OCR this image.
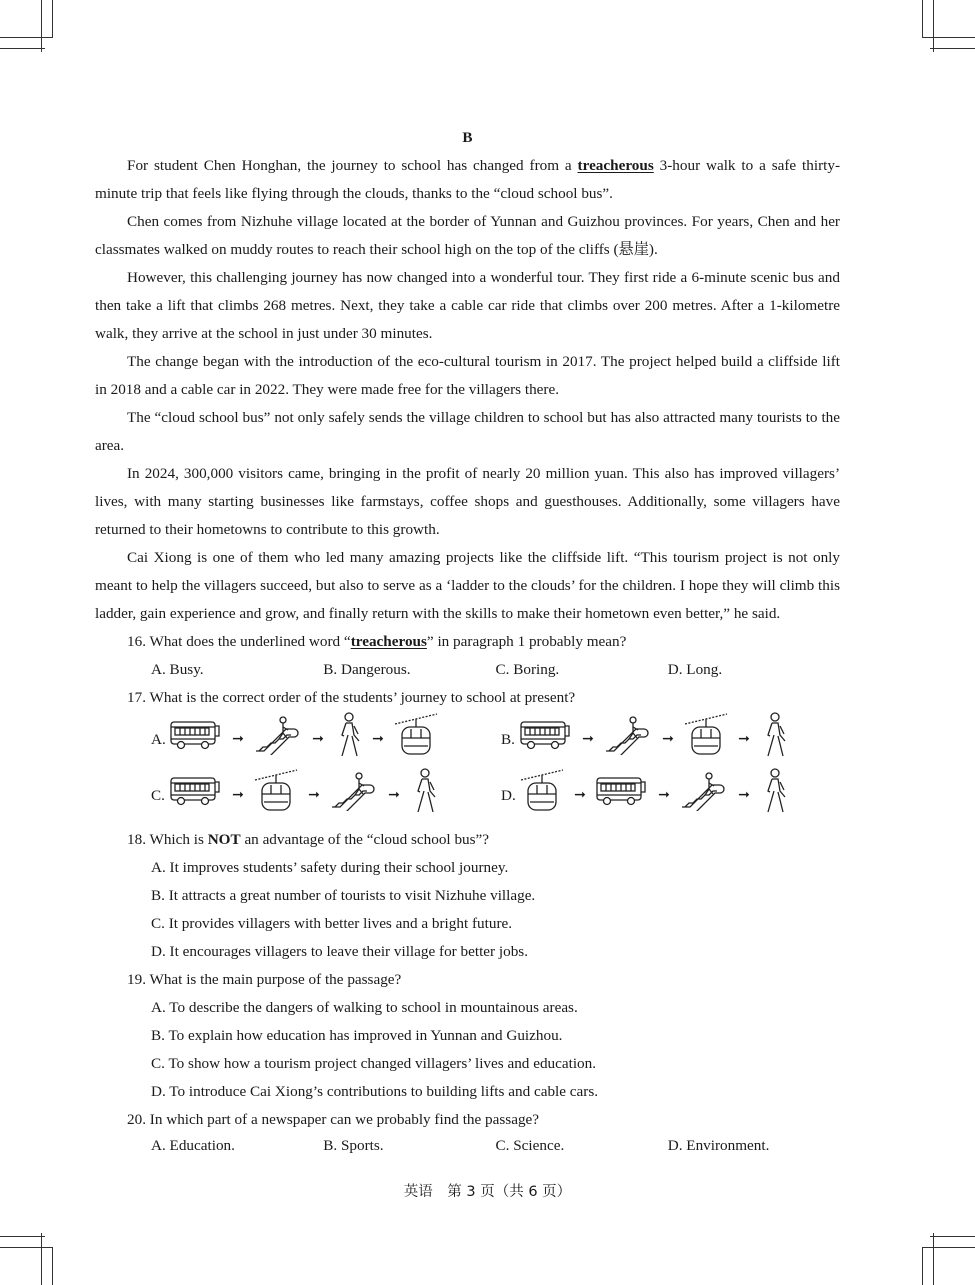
B

For student Chen Honghan, the journey to school has changed from a treacherous 3-hour walk to a safe thirty-minute trip that feels like flying through the clouds, thanks to the “cloud school bus”.

Chen comes from Nizhuhe village located at the border of Yunnan and Guizhou provinces. For years, Chen and her classmates walked on muddy routes to reach their school high on the top of the cliffs (悬崖).

However, this challenging journey has now changed into a wonderful tour. They first ride a 6-minute scenic bus and then take a lift that climbs 268 metres. Next, they take a cable car ride that climbs over 200 metres. After a 1-kilometre walk, they arrive at the school in just under 30 minutes.

The change began with the introduction of the eco-cultural tourism in 2017. The project helped build a cliffside lift in 2018 and a cable car in 2022. They were made free for the villagers there.

The “cloud school bus” not only safely sends the village children to school but has also attracted many tourists to the area.

In 2024, 300,000 visitors came, bringing in the profit of nearly 20 million yuan. This also has improved villagers’ lives, with many starting businesses like farmstays, coffee shops and guesthouses. Additionally, some villagers have returned to their hometowns to contribute to this growth.

Cai Xiong is one of them who led many amazing projects like the cliffside lift. “This tourism project is not only meant to help the villagers succeed, but also to serve as a ‘ladder to the clouds’ for the children. I hope they will climb this ladder, gain experience and grow, and finally return with the skills to make their hometown even better,” he said.

16. What does the underlined word “treacherous” in paragraph 1 probably mean?

A. Busy.	B. Dangerous.	C. Boring.	D. Long.

17. What is the correct order of the students’ journey to school at present?

A.	➞	➞	➞	B.	➞	➞	➞
C.	➞	➞	➞	D.	➞	➞	➞

18. Which is NOT an advantage of the “cloud school bus”?

A. It improves students’ safety during their school journey.

B. It attracts a great number of tourists to visit Nizhuhe village.

C. It provides villagers with better lives and a bright future.

D. It encourages villagers to leave their village for better jobs.

19. What is the main purpose of the passage?

A. To describe the dangers of walking to school in mountainous areas.

B. To explain how education has improved in Yunnan and Guizhou.

C. To show how a tourism project changed villagers’ lives and education.

D. To introduce Cai Xiong’s contributions to building lifts and cable cars.

20. In which part of a newspaper can we probably find the passage?

A. Education.	B. Sports.	C. Science.	D. Environment.
英语　第 3 页（共 6 页）
